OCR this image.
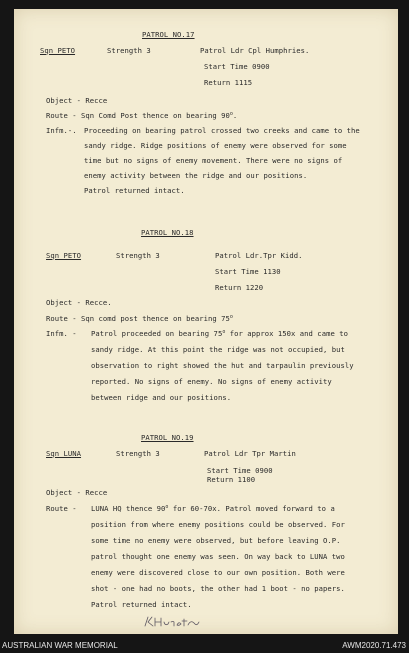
PATROL NO.17
Sqn PETO	Strength 3	Patrol Ldr Cpl Humphries.
Start Time 0900
Return 1115
Object - Recce
Route - Sqn Comd Post thence on bearing 90$^o$.
Infm.-. Proceeding on bearing patrol crossed two creeks and came to the
sandy ridge. Ridge positions of enemy were observed for some
time but no signs of enemy movement. There were no signs of
enemy activity between the ridge and our positions.
Patrol returned intact.
PATROL NO.18
Sqn PETO	Strength 3	Patrol Ldr.Tpr Kidd.
Start Time 1130
Return 1220
Object - Recce.
Route - Sqn comd post thence on bearing 75$^o$
Infm. - Patrol proceeded on bearing 75$^o$ for approx 150x and came to
sandy ridge. At this point the ridge was not occupied, but
observation to right showed the hut and tarpaulin previously
reported. No signs of enemy. No signs of enemy activity
between ridge and our positions.
PATROL NO.19
Sqn LUNA	Strength 3	Patrol Ldr Tpr Martin
Start Time 0900
Return 1100
Object - Recce
Route - LUNA HQ thence 90$^o$ for 60-70x. Patrol moved forward to a
position from where enemy positions could be observed. For
some time no enemy were observed, but before leaving O.P.
patrol thought one enemy was seen. On way back to LUNA two
enemy were discovered close to our own position. Both were
shot - one had no boots, the other had 1 boot - no papers.
Patrol returned intact.
AUSTRALIAN WAR MEMORIAL	AWM2020.71.473
